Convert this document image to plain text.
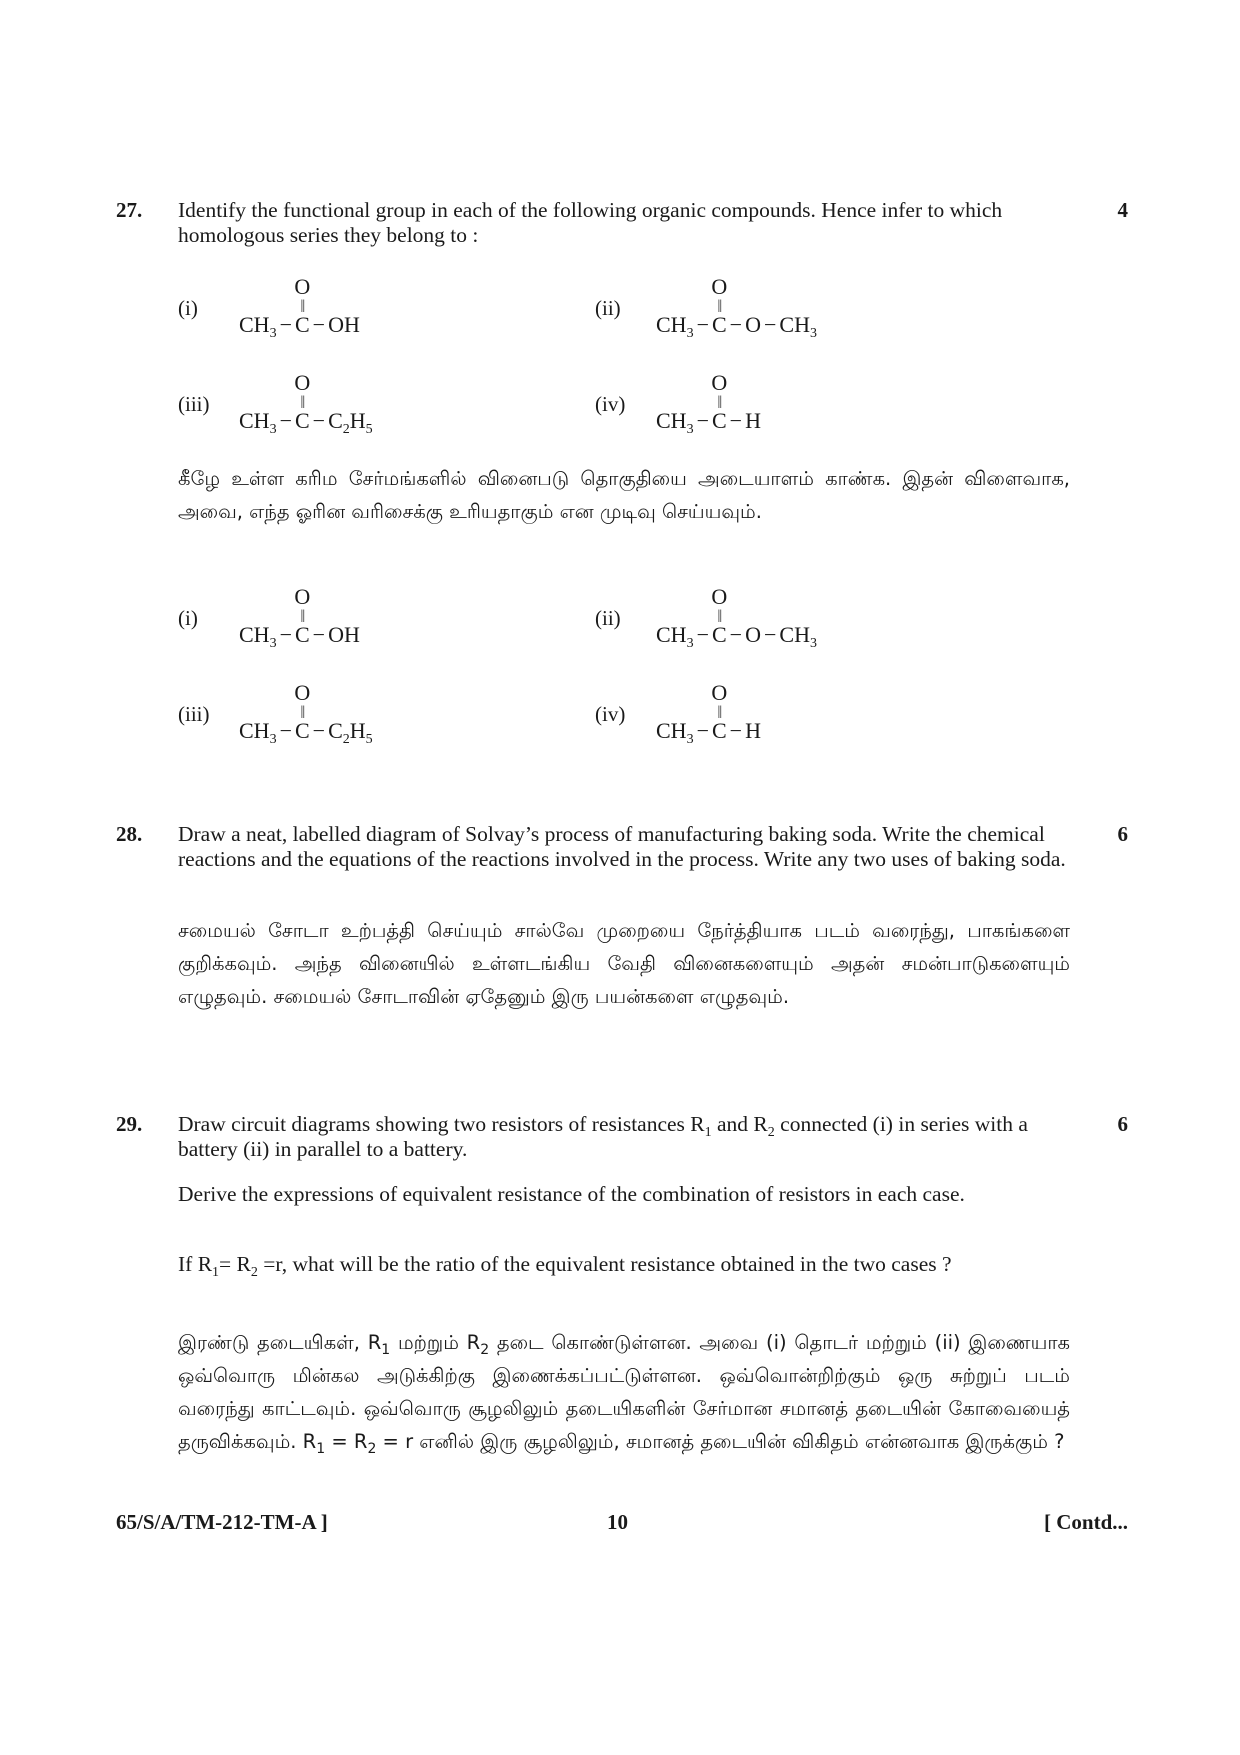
27. Identify the functional group in each of the following organic compounds. Hence infer to which homologous series they belong to :

4
(i)
$CH_3 - C$
||
O
− OH
(ii)
$CH_3 - C$
||
O
− $O - CH_3$
(iii)
$CH_3 - C$
||
O
− $C_2H_5$
(iv)
$CH_3 - C$
||
O
− H

கீழே உள்ள கரிம சேர்மங்களில் வினைபடு தொகுதியை அடையாளம் காண்க. இதன் விளைவாக, அவை, எந்த ஓரின வரிசைக்கு உரியதாகும் என முடிவு செய்யவும்.

(i)
$CH_3 - C$
||
O
− OH
(ii)
$CH_3 - C$
||
O
− $O - CH_3$
(iii)
$CH_3 - C$
||
O
− $C_2H_5$
(iv)
$CH_3 - C$
||
O
− H
28. Draw a neat, labelled diagram of Solvay’s process of manufacturing baking soda. Write the chemical reactions and the equations of the reactions involved in the process. Write any two uses of baking soda.

6

சமையல் சோடா உற்பத்தி செய்யும் சால்வே முறையை நேர்த்தியாக படம் வரைந்து, பாகங்களை குறிக்கவும். அந்த வினையில் உள்ளடங்கிய வேதி வினைகளையும் அதன் சமன்பாடுகளையும் எழுதவும். சமையல் சோடாவின் ஏதேனும் இரு பயன்களை எழுதவும்.

29. Draw circuit diagrams showing two resistors of resistances $R_1$ and $R_2$ connected (i) in series with a battery (ii) in parallel to a battery.

6

Derive the expressions of equivalent resistance of the combination of resistors in each case.

If $R_1= R_2 =r$, what will be the ratio of the equivalent resistance obtained in the two cases ?

இரண்டு தடையிகள், $R_1$ மற்றும் $R_2$ தடை கொண்டுள்ளன. அவை (i) தொடர் மற்றும் (ii) இணையாக ஒவ்வொரு மின்கல அடுக்கிற்கு இணைக்கப்பட்டுள்ளன. ஒவ்வொன்றிற்கும் ஒரு சுற்றுப் படம் வரைந்து காட்டவும். ஒவ்வொரு சூழலிலும் தடையிகளின் சேர்மான சமானத் தடையின் கோவையைத் தருவிக்கவும். $R_1 = R_2 = r$ எனில் இரு சூழலிலும், சமானத் தடையின் விகிதம் என்னவாக இருக்கும் ?

65/S/A/TM-212-TM-A ]	10	[ Contd...
